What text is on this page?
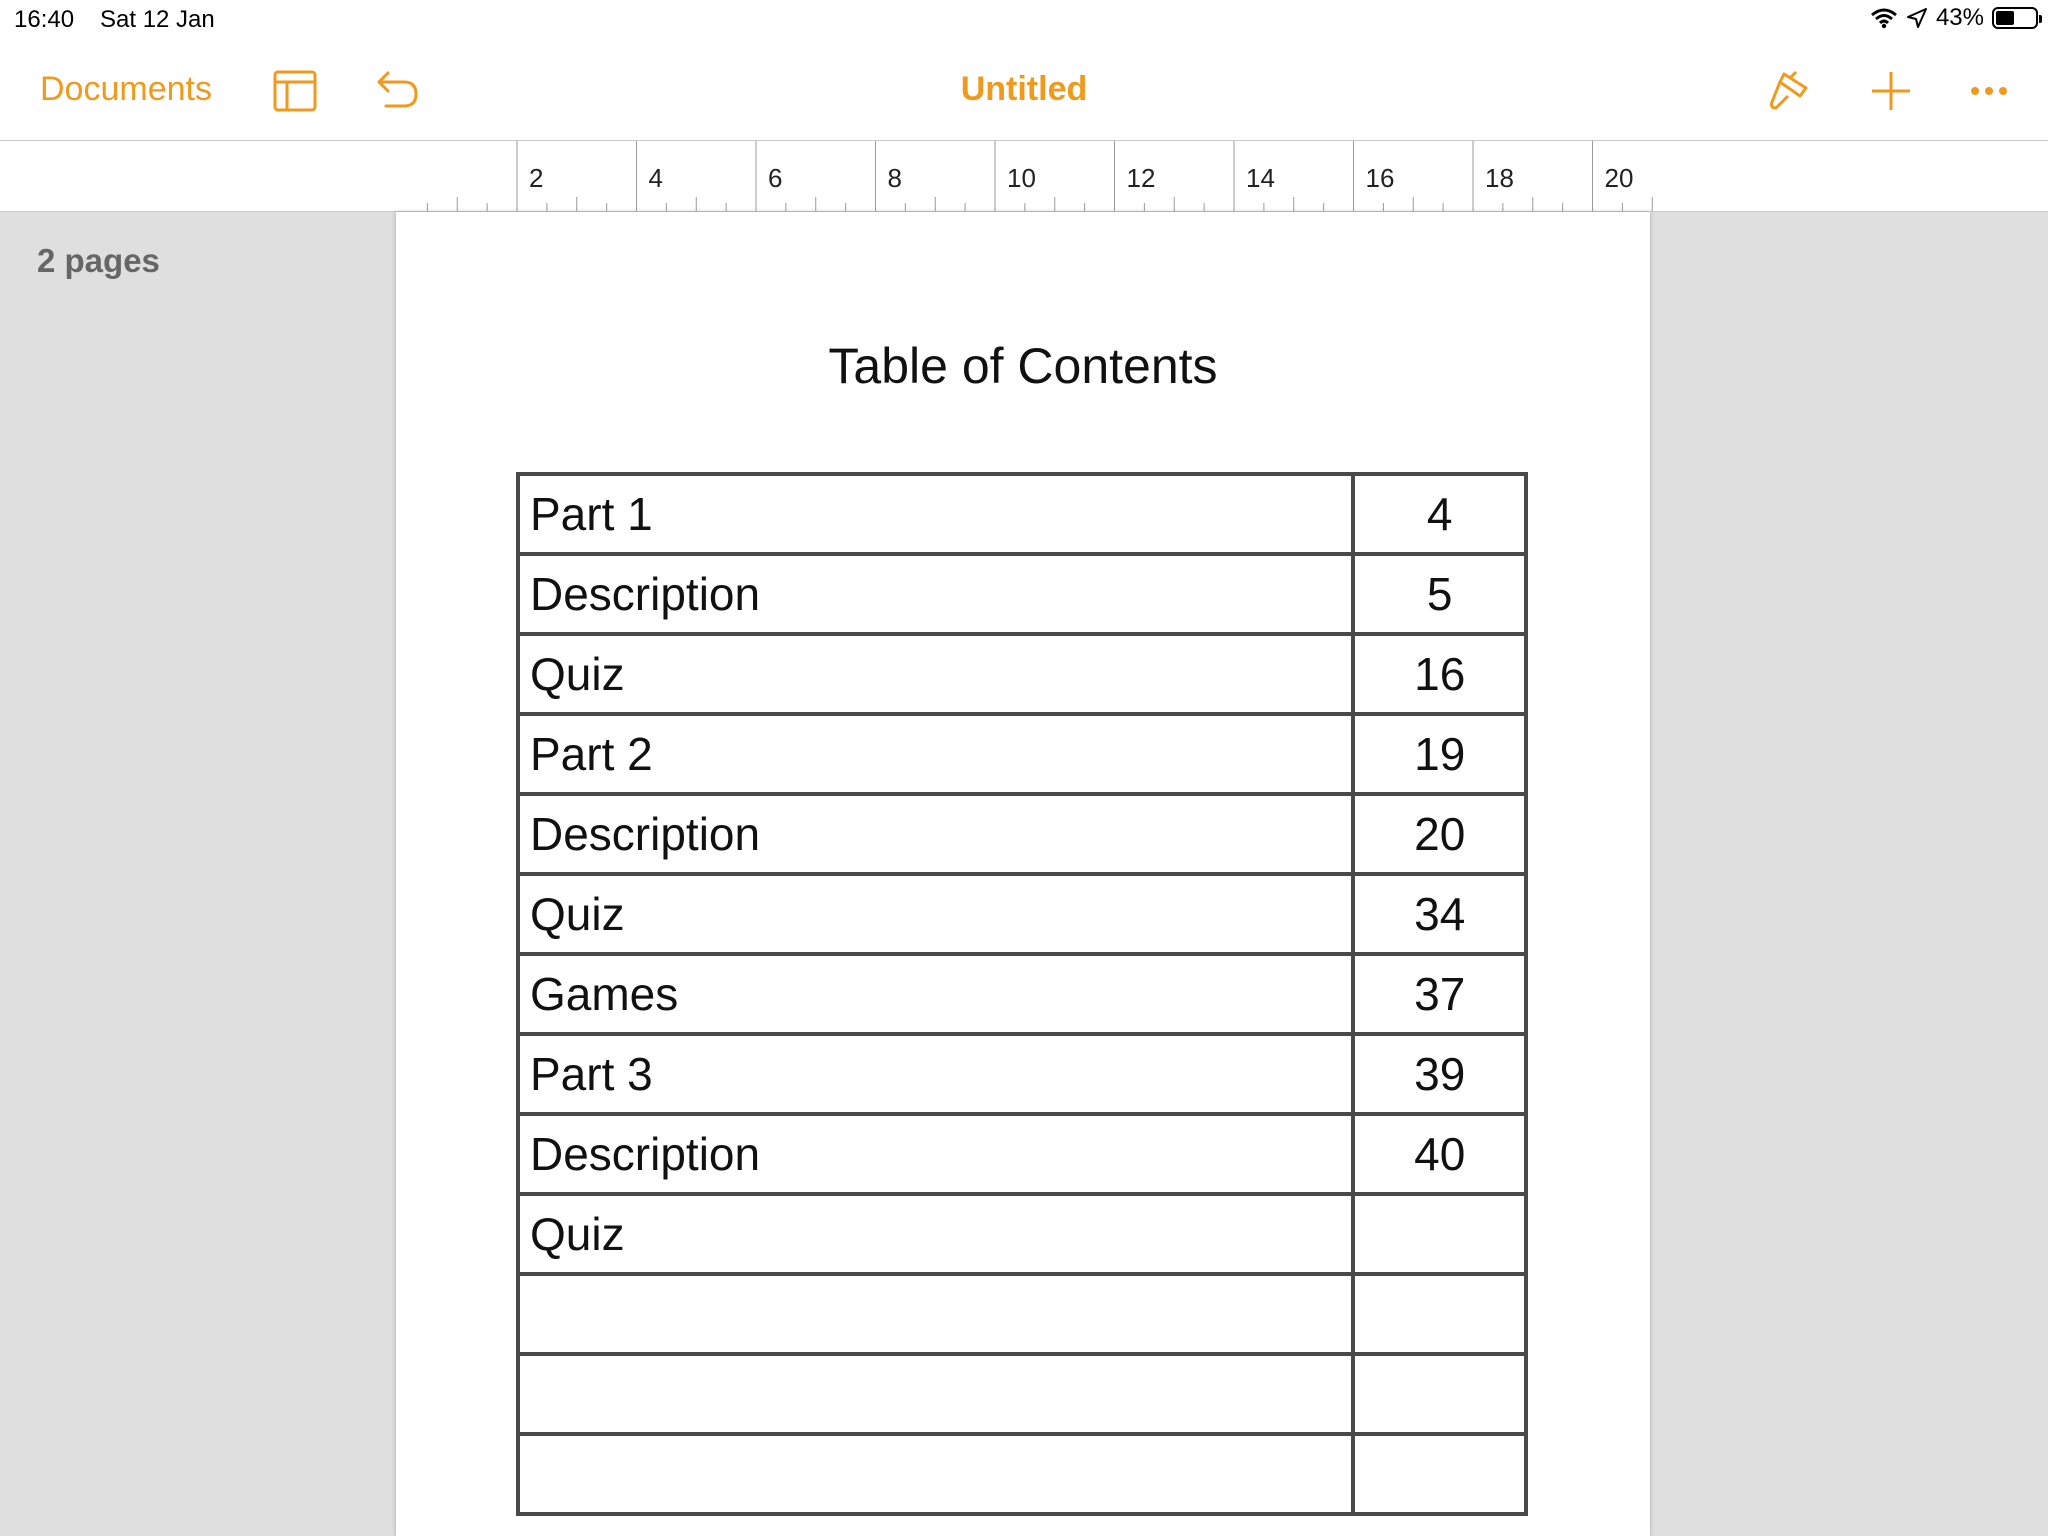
16:40 Sat 12 Jan	43%
Documents	Untitled
2	4	6	8	10	12	14	16	18	20
2 pages
Table of Contents
Part 1	4
Description	5
Quiz	16
Part 2	19
Description	20
Quiz	34
Games	37
Part 3	39
Description	40
Quiz	
